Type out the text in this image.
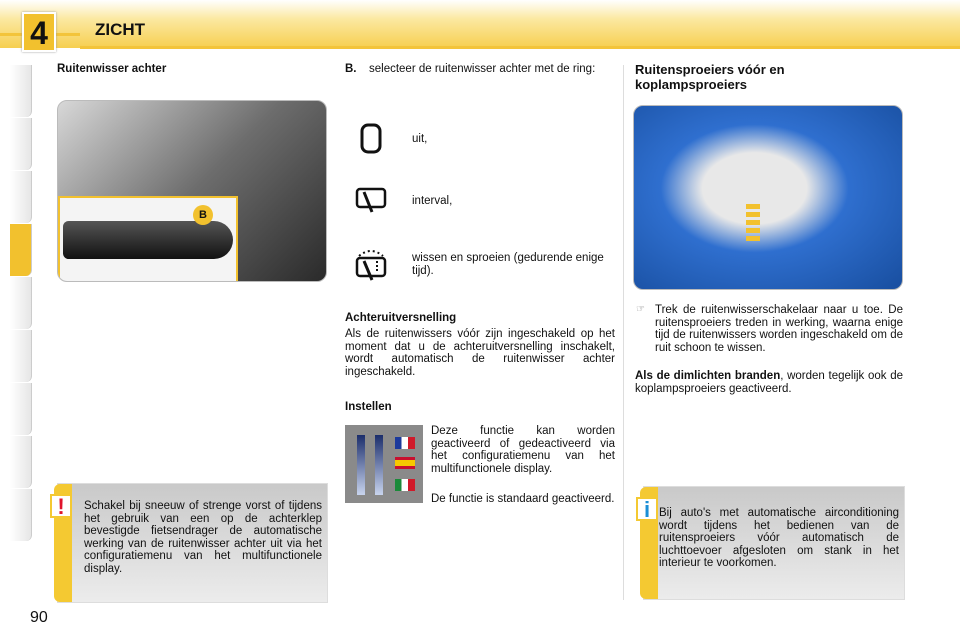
4	ZICHT
Ruitenwisser achter
B
!	Schakel bij sneeuw of strenge vorst of tijdens het gebruik van een op de achterklep bevestigde fietsendrager de automatische werking van de ruitenwisser achter uit via het configuratiemenu van het multifunctionele display.
90
B. selecteer de ruitenwisser achter met de ring:
uit,
interval,
wissen en sproeien (gedurende enige tijd).
Achteruitversnelling
Als de ruitenwissers vóór zijn ingeschakeld op het moment dat u de achteruitversnelling inschakelt, wordt automatisch de ruitenwisser achter ingeschakeld.
Instellen
Deze functie kan worden geactiveerd of gedeactiveerd via het configuratiemenu van het multifunctionele display.
De functie is standaard geactiveerd.
Ruitensproeiers vóór en koplampsproeiers
☞ Trek de ruitenwisserschakelaar naar u toe. De ruitensproeiers treden in werking, waarna enige tijd de ruitenwissers worden ingeschakeld om de ruit schoon te wissen.
Als de dimlichten branden, worden tegelijk ook de koplampsproeiers geactiveerd.
i Bij auto's met automatische airconditioning wordt tijdens het bedienen van de ruitensproeiers vóór automatisch de luchttoevoer afgesloten om stank in het interieur te voorkomen.
